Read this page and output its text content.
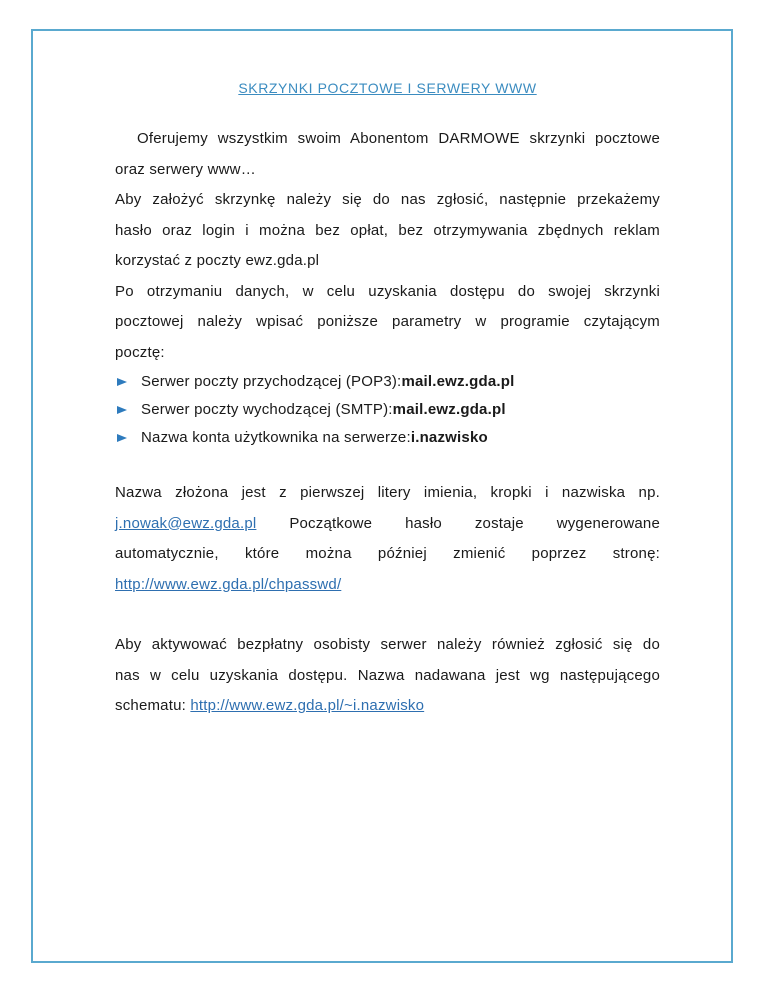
SKRZYNKI POCZTOWE I SERWERY WWW

Oferujemy wszystkim swoim Abonentom DARMOWE skrzynki pocztowe
oraz serwery www…
Aby założyć skrzynkę należy się do nas zgłosić, następnie przekażemy
hasło oraz login i można bez opłat, bez otrzymywania zbędnych reklam
korzystać z poczty ewz.gda.pl
Po otrzymaniu danych, w celu uzyskania dostępu do swojej skrzynki
pocztowej należy wpisać poniższe parametry w programie czytającym
pocztę:
Serwer poczty przychodzącej (POP3): mail.ewz.gda.pl
Serwer poczty wychodzącej (SMTP): mail.ewz.gda.pl
Nazwa konta użytkownika na serwerze: i.nazwisko
Nazwa złożona jest z pierwszej litery imienia, kropki i nazwiska np.
j.nowak@ewz.gda.pl Początkowe hasło zostaje wygenerowane
automatycznie, które można później zmienić poprzez stronę:
http://www.ewz.gda.pl/chpasswd/
Aby aktywować bezpłatny osobisty serwer należy również zgłosić się do
nas w celu uzyskania dostępu. Nazwa nadawana jest wg następującego
schematu: http://www.ewz.gda.pl/~i.nazwisko
